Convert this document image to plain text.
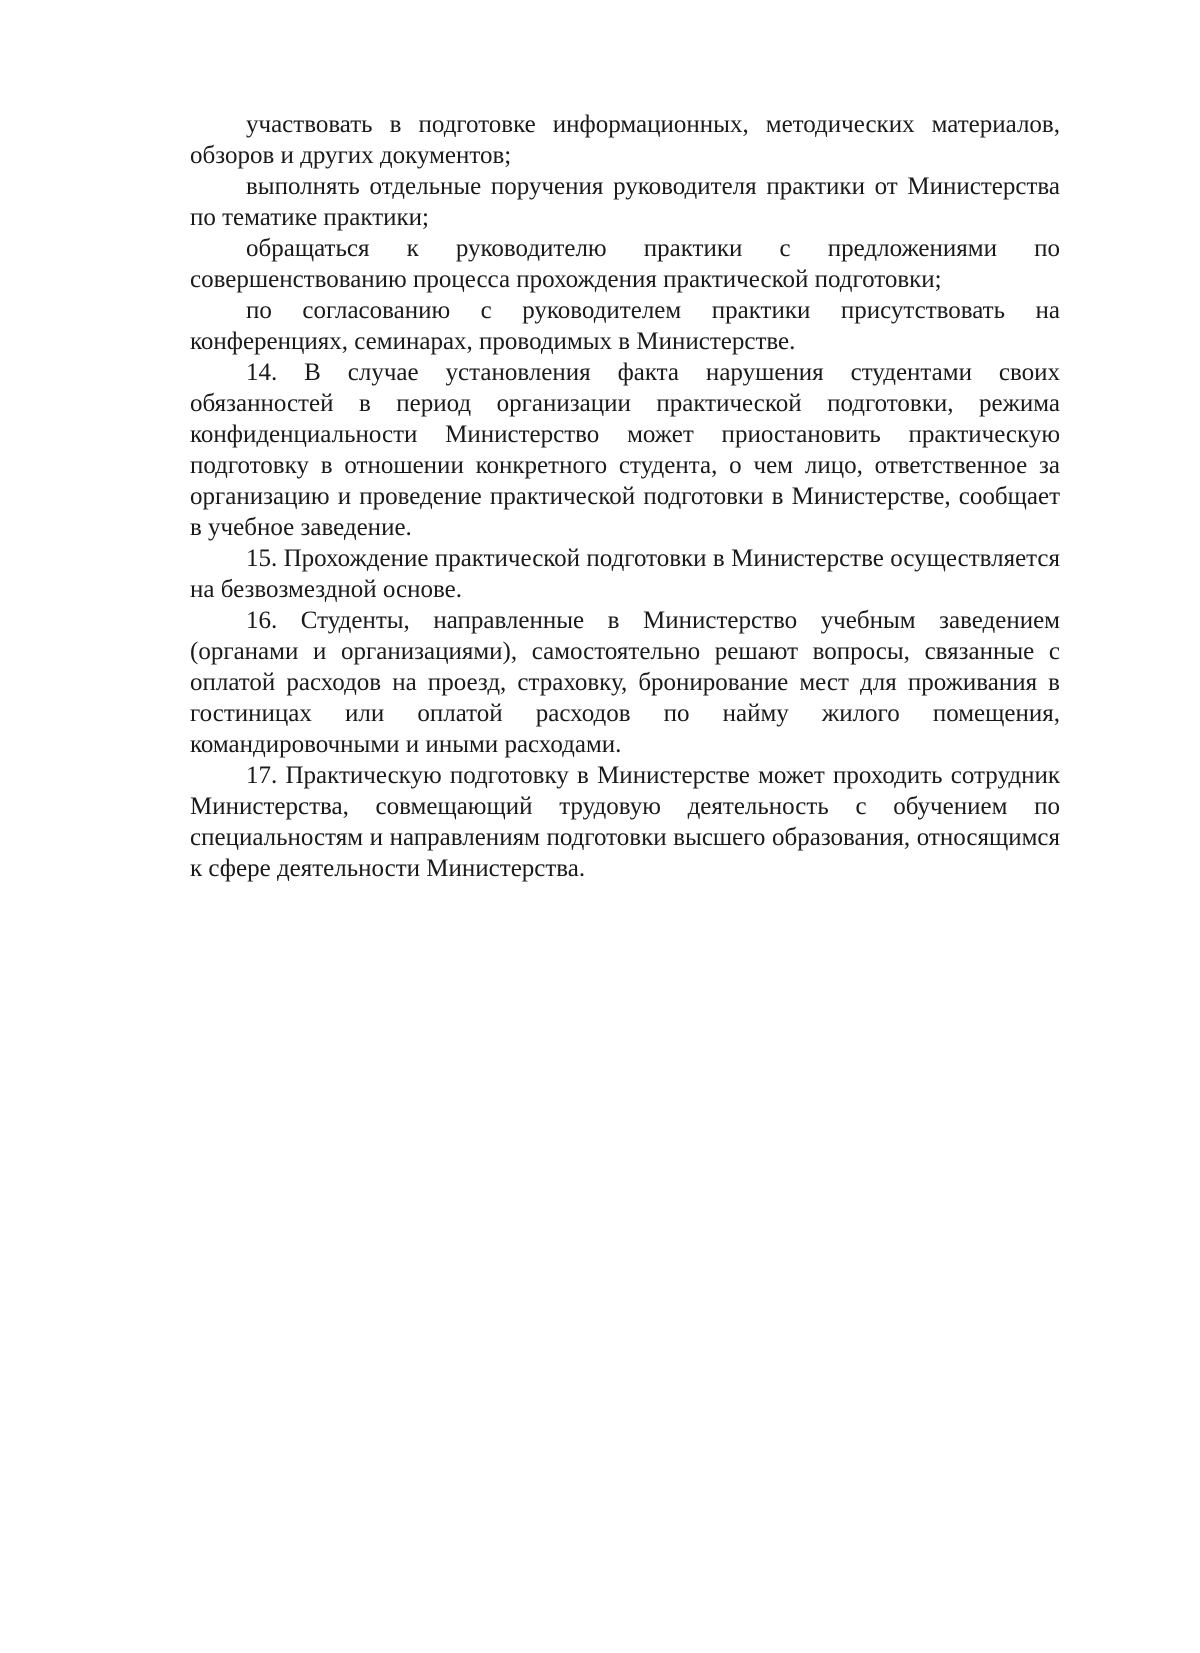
участвовать в подготовке информационных, методических материалов, обзоров и других документов;

выполнять отдельные поручения руководителя практики от Министерства по тематике практики;

обращаться к руководителю практики с предложениями по совершенствованию процесса прохождения практической подготовки;

по согласованию с руководителем практики присутствовать на конференциях, семинарах, проводимых в Министерстве.

14. В случае установления факта нарушения студентами своих обязанностей в период организации практической подготовки, режима конфиденциальности Министерство может приостановить практическую подготовку в отношении конкретного студента, о чем лицо, ответственное за организацию и проведение практической подготовки в Министерстве, сообщает в учебное заведение.

15. Прохождение практической подготовки в Министерстве осуществляется на безвозмездной основе.

16. Студенты, направленные в Министерство учебным заведением (органами и организациями), самостоятельно решают вопросы, связанные с оплатой расходов на проезд, страховку, бронирование мест для проживания в гостиницах или оплатой расходов по найму жилого помещения, командировочными и иными расходами.

17. Практическую подготовку в Министерстве может проходить сотрудник Министерства, совмещающий трудовую деятельность с обучением по специальностям и направлениям подготовки высшего образования, относящимся к сфере деятельности Министерства.
